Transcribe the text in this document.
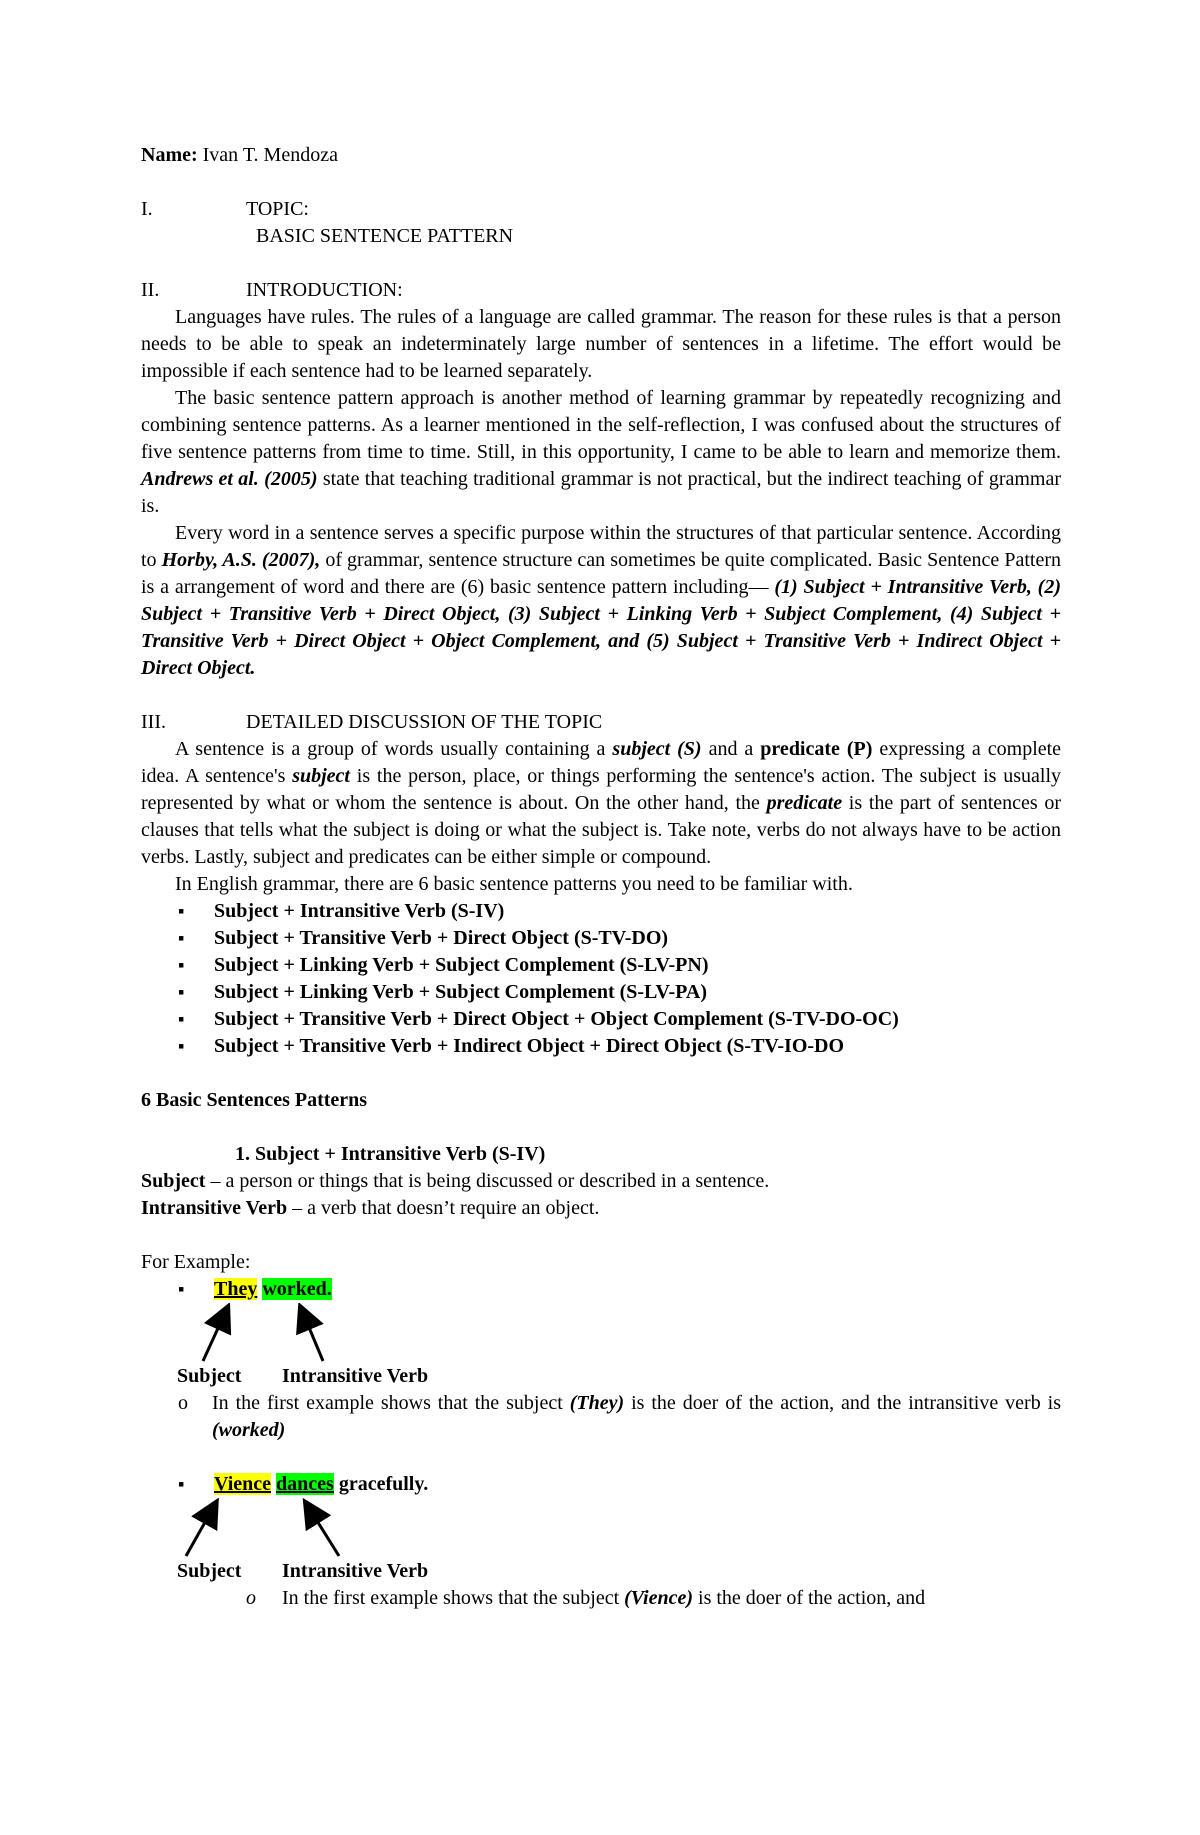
Name: Ivan T. Mendoza

I.	TOPIC:

BASIC SENTENCE PATTERN

II.	INTRODUCTION:

Languages have rules. The rules of a language are called grammar. The reason for these rules is that a person needs to be able to speak an indeterminately large number of sentences in a lifetime. The effort would be impossible if each sentence had to be learned separately.

The basic sentence pattern approach is another method of learning grammar by repeatedly recognizing and combining sentence patterns. As a learner mentioned in the self-reflection, I was confused about the structures of five sentence patterns from time to time. Still, in this opportunity, I came to be able to learn and memorize them. Andrews et al. (2005) state that teaching traditional grammar is not practical, but the indirect teaching of grammar is.

Every word in a sentence serves a specific purpose within the structures of that particular sentence. According to Horby, A.S. (2007), of grammar, sentence structure can sometimes be quite complicated. Basic Sentence Pattern is a arrangement of word and there are (6) basic sentence pattern including— (1) Subject + Intransitive Verb, (2) Subject + Transitive Verb + Direct Object, (3) Subject + Linking Verb + Subject Complement, (4) Subject + Transitive Verb + Direct Object + Object Complement, and (5) Subject + Transitive Verb + Indirect Object + Direct Object.

III.	DETAILED DISCUSSION OF THE TOPIC

A sentence is a group of words usually containing a subject (S) and a predicate (P) expressing a complete idea. A sentence's subject is the person, place, or things performing the sentence's action. The subject is usually represented by what or whom the sentence is about. On the other hand, the predicate is the part of sentences or clauses that tells what the subject is doing or what the subject is. Take note, verbs do not always have to be action verbs. Lastly, subject and predicates can be either simple or compound.

In English grammar, there are 6 basic sentence patterns you need to be familiar with.

▪ Subject + Intransitive Verb (S-IV)
▪ Subject + Transitive Verb + Direct Object (S-TV-DO)
▪ Subject + Linking Verb + Subject Complement (S-LV-PN)
▪ Subject + Linking Verb + Subject Complement (S-LV-PA)
▪ Subject + Transitive Verb + Direct Object + Object Complement (S-TV-DO-OC)
▪ Subject + Transitive Verb + Indirect Object + Direct Object (S-TV-IO-DO

6 Basic Sentences Patterns

1. Subject + Intransitive Verb (S-IV)

Subject – a person or things that is being discussed or described in a sentence.

Intransitive Verb – a verb that doesn’t require an object.

For Example:

▪ They worked.
Subject Intransitive Verb

o In the first example shows that the subject (They) is the doer of the action, and the intransitive verb is (worked)

▪ Vience dances gracefully.
Subject Intransitive Verb

o In the first example shows that the subject (Vience) is the doer of the action, and
